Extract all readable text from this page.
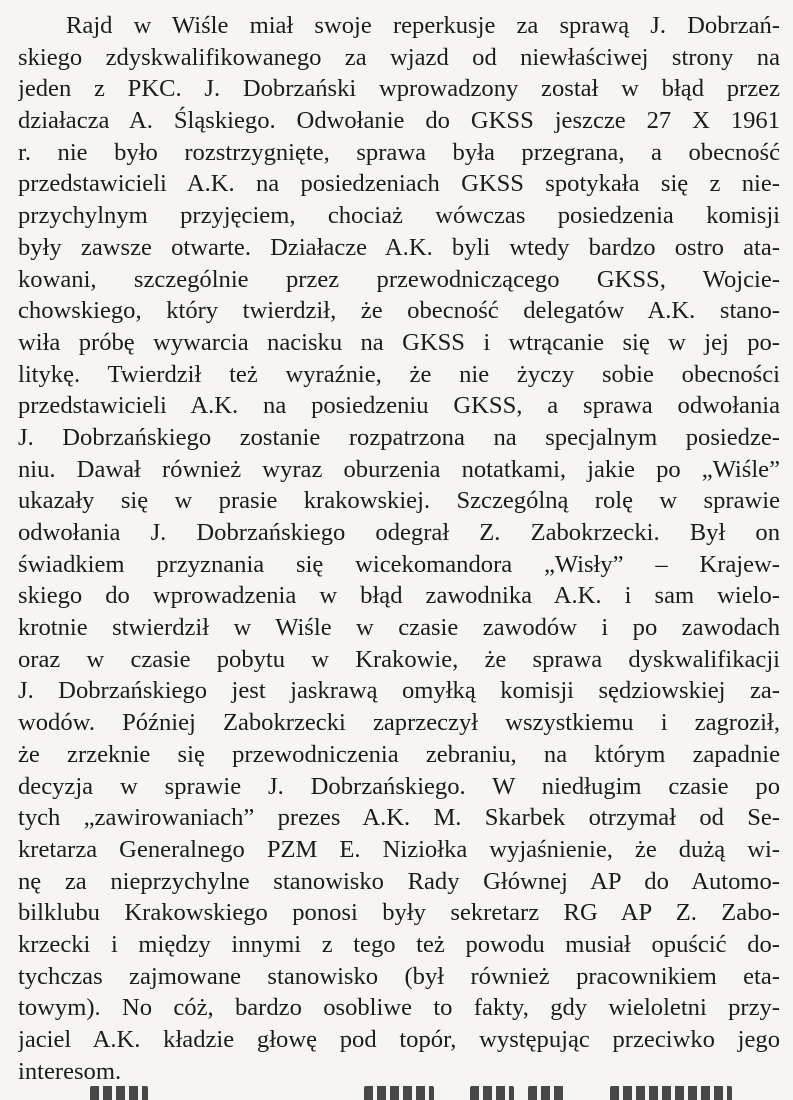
Rajd w Wiśle miał swoje reperkusje za sprawą J. Dobrzań-
skiego zdyskwalifikowanego za wjazd od niewłaściwej strony na
jeden z PKC. J. Dobrzański wprowadzony został w błąd przez
działacza A. Śląskiego. Odwołanie do GKSS jeszcze 27 X 1961
r. nie było rozstrzygnięte, sprawa była przegrana, a obecność
przedstawicieli A.K. na posiedzeniach GKSS spotykała się z nie-
przychylnym przyjęciem, chociaż wówczas posiedzenia komisji
były zawsze otwarte. Działacze A.K. byli wtedy bardzo ostro ata-
kowani, szczególnie przez przewodniczącego GKSS, Wojcie-
chowskiego, który twierdził, że obecność delegatów A.K. stano-
wiła próbę wywarcia nacisku na GKSS i wtrącanie się w jej po-
litykę. Twierdził też wyraźnie, że nie życzy sobie obecności
przedstawicieli A.K. na posiedzeniu GKSS, a sprawa odwołania
J. Dobrzańskiego zostanie rozpatrzona na specjalnym posiedze-
niu. Dawał również wyraz oburzenia notatkami, jakie po „Wiśle”
ukazały się w prasie krakowskiej. Szczególną rolę w sprawie
odwołania J. Dobrzańskiego odegrał Z. Zabokrzecki. Był on
świadkiem przyznania się wicekomandora „Wisły” – Krajew-
skiego do wprowadzenia w błąd zawodnika A.K. i sam wielo-
krotnie stwierdził w Wiśle w czasie zawodów i po zawodach
oraz w czasie pobytu w Krakowie, że sprawa dyskwalifikacji
J. Dobrzańskiego jest jaskrawą omyłką komisji sędziowskiej za-
wodów. Później Zabokrzecki zaprzeczył wszystkiemu i zagroził,
że zrzeknie się przewodniczenia zebraniu, na którym zapadnie
decyzja w sprawie J. Dobrzańskiego. W niedługim czasie po
tych „zawirowaniach” prezes A.K. M. Skarbek otrzymał od Se-
kretarza Generalnego PZM E. Niziołka wyjaśnienie, że dużą wi-
nę za nieprzychylne stanowisko Rady Głównej AP do Automo-
bilklubu Krakowskiego ponosi były sekretarz RG AP Z. Zabo-
krzecki i między innymi z tego też powodu musiał opuścić do-
tychczas zajmowane stanowisko (był również pracownikiem eta-
towym). No cóż, bardzo osobliwe to fakty, gdy wieloletni przy-
jaciel A.K. kładzie głowę pod topór, występując przeciwko jego
interesom.
